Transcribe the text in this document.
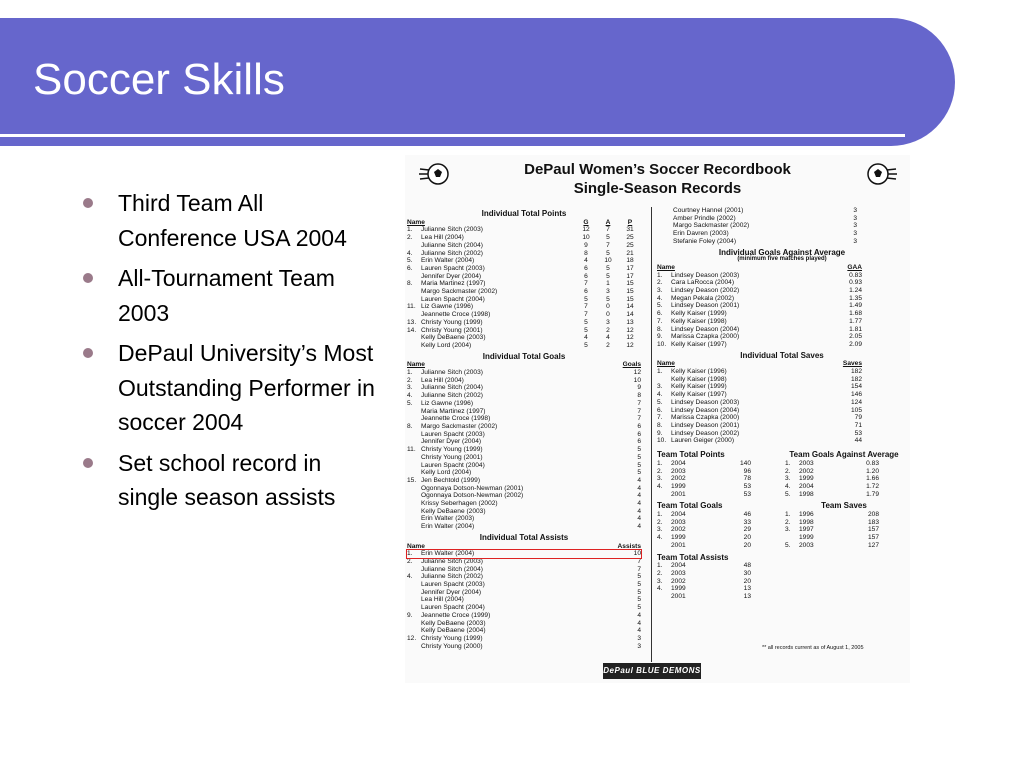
Soccer Skills
Third Team All Conference USA 2004
All-Tournament Team 2003
DePaul University’s Most Outstanding Performer in soccer 2004
Set school record in single season assists
DePaul Women’s Soccer Recordbook
Single-Season Records
Individual Total Points
Name	G	A	P
1.	Julianne Sitch (2003)	12	7	31
2.	Lea Hill (2004)	10	5	25
Julianne Sitch (2004)	9	7	25
4.	Julianne Sitch (2002)	8	5	21
5.	Erin Walter (2004)	4	10	18
6.	Lauren Spacht (2003)	6	5	17
Jennifer Dyer (2004)	6	5	17
8.	Maria Martinez (1997)	7	1	15
Margo Sackmaster (2002)	6	3	15
Lauren Spacht (2004)	5	5	15
11. Liz Gawne (1996)	7	0	14
Jeannette Croce (1998)	7	0	14
13. Christy Young (1999)	5	3	13
14. Christy Young (2001)	5	2	12
Kelly DeBaene (2003)	4	4	12
Kelly Lord (2004)	5	2	12
Individual Total Goals
Name	Goals
1.	Julianne Sitch (2003)	12
2.	Lea Hill (2004)	10
3.	Julianne Sitch (2004)	9
4.	Julianne Sitch (2002)	8
5.	Liz Gawne (1996)	7
Maria Martinez (1997)	7
Jeannette Croce (1998)	7
8.	Margo Sackmaster (2002)	6
Lauren Spacht (2003)	6
Jennifer Dyer (2004)	6
11. Christy Young (1999)	5
Christy Young (2001)	5
Lauren Spacht (2004)	5
Kelly Lord (2004)	5
15. Jen Bechtold (1999)	4
Ogonnaya Dotson-Newman (2001)	4
Ogonnaya Dotson-Newman (2002)	4
Krissy Seberhagen (2002)	4
Kelly DeBaene (2003)	4
Erin Walter (2003)	4
Erin Walter (2004)	4
Individual Total Assists
Name	Assists
1.	Erin Walter (2004)	10
2.	Julianne Sitch (2003)	7
Julianne Sitch (2004)	7
4.	Julianne Sitch (2002)	5
Lauren Spacht (2003)	5
Jennifer Dyer (2004)	5
Lea Hill (2004)	5
Lauren Spacht (2004)	5
9.	Jeannette Croce (1999)	4
Kelly DeBaene (2003)	4
Kelly DeBaene (2004)	4
12. Christy Young (1999)	3
Christy Young (2000)	3
Courtney Hannel (2001)	3
Amber Prindle (2002)	3
Margo Sackmaster (2002)	3
Erin Davren (2003)	3
Stefanie Foley (2004)	3
Individual Goals Against Average
(minimum five matches played)
Name	GAA
1.	Lindsey Deason (2003)	0.83
2.	Cara LaRocca (2004)	0.93
3.	Lindsey Deason (2002)	1.24
4.	Megan Pekala (2002)	1.35
5.	Lindsey Deason (2001)	1.49
6.	Kelly Kaiser (1999)	1.68
7.	Kelly Kaiser (1998)	1.77
8.	Lindsey Deason (2004)	1.81
9.	Marissa Czapka (2000)	2.05
10. Kelly Kaiser (1997)	2.09
Individual Total Saves
Name	Saves
1.	Kelly Kaiser (1996)	182
Kelly Kaiser (1998)	182
3.	Kelly Kaiser (1999)	154
4.	Kelly Kaiser (1997)	146
5.	Lindsey Deason (2003)	124
6.	Lindsey Deason (2004)	105
7.	Marissa Czapka (2000)	79
8.	Lindsey Deason (2001)	71
9.	Lindsey Deason (2002)	53
10. Lauren Geiger (2000)	44
Team Total Points
1.	2004	140
2.	2003	96
3.	2002	78
4.	1999	53
2001	53
Team Total Goals
1.	2004	46
2.	2003	33
3.	2002	29
4.	1999	20
2001	20
Team Total Assists
1.	2004	48
2.	2003	30
3.	2002	20
4.	1999	13
2001	13
Team Goals Against Average
1.	2003	0.83
2.	2002	1.20
3.	1999	1.66
4.	2004	1.72
5.	1998	1.79
Team Saves
1.	1996	208
2.	1998	183
3.	1997	157
1999	157
5.	2003	127
** all records current as of August 1, 2005
DePaul BLUE DEMONS
